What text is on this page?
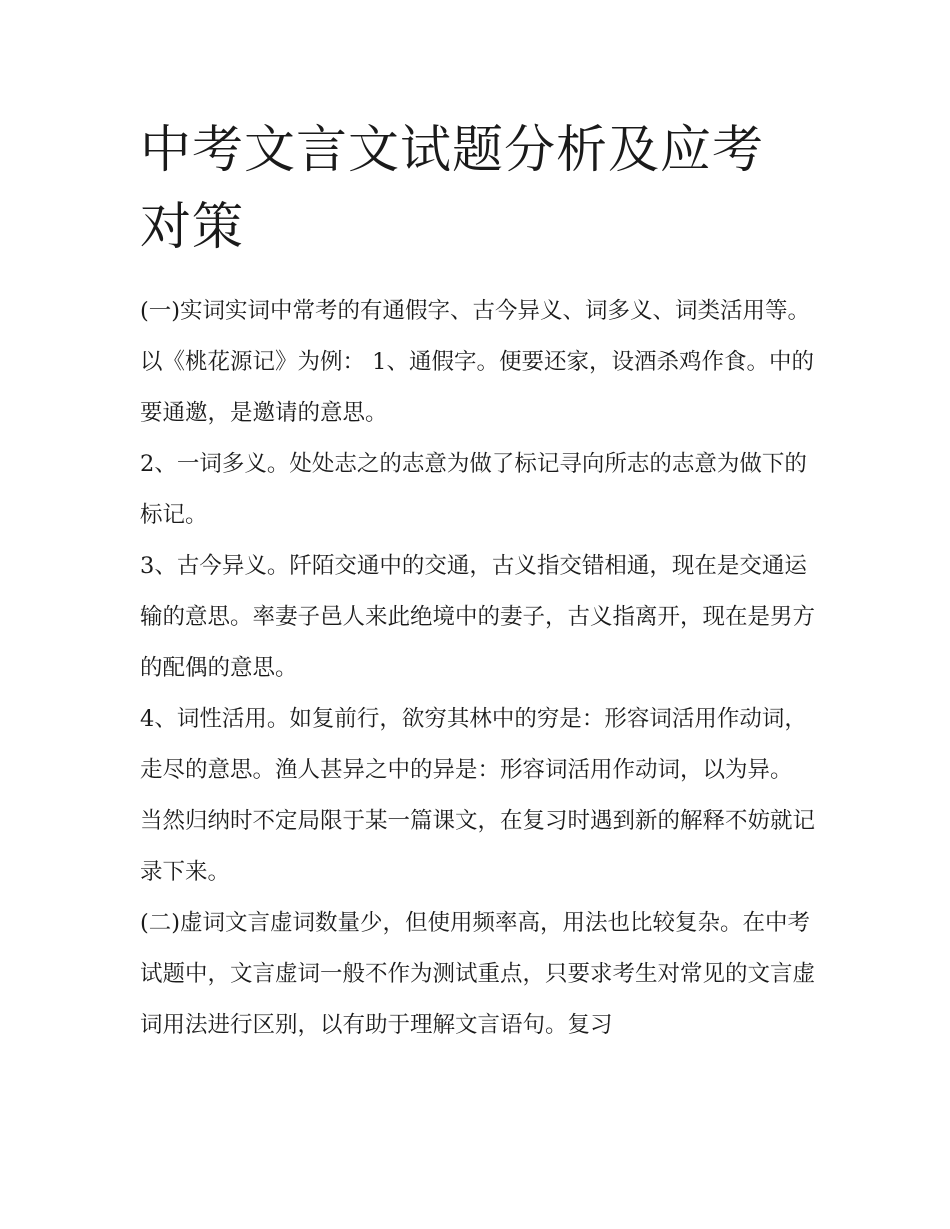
中考文言文试题分析及应考对策

(一)实词实词中常考的有通假字、古今异义、词多义、词类活用等。以《桃花源记》为例： 1、通假字。便要还家，设酒杀鸡作食。中的要通邀，是邀请的意思。

2、一词多义。处处志之的志意为做了标记寻向所志的志意为做下的标记。

3、古今异义。阡陌交通中的交通，古义指交错相通，现在是交通运输的意思。率妻子邑人来此绝境中的妻子，古义指离开，现在是男方的配偶的意思。

4、词性活用。如复前行，欲穷其林中的穷是：形容词活用作动词，走尽的意思。渔人甚异之中的异是：形容词活用作动词，以为异。

当然归纳时不定局限于某一篇课文，在复习时遇到新的解释不妨就记录下来。

(二)虚词文言虚词数量少，但使用频率高，用法也比较复杂。在中考试题中，文言虚词一般不作为测试重点，只要求考生对常见的文言虚词用法进行区别，以有助于理解文言语句。复习
